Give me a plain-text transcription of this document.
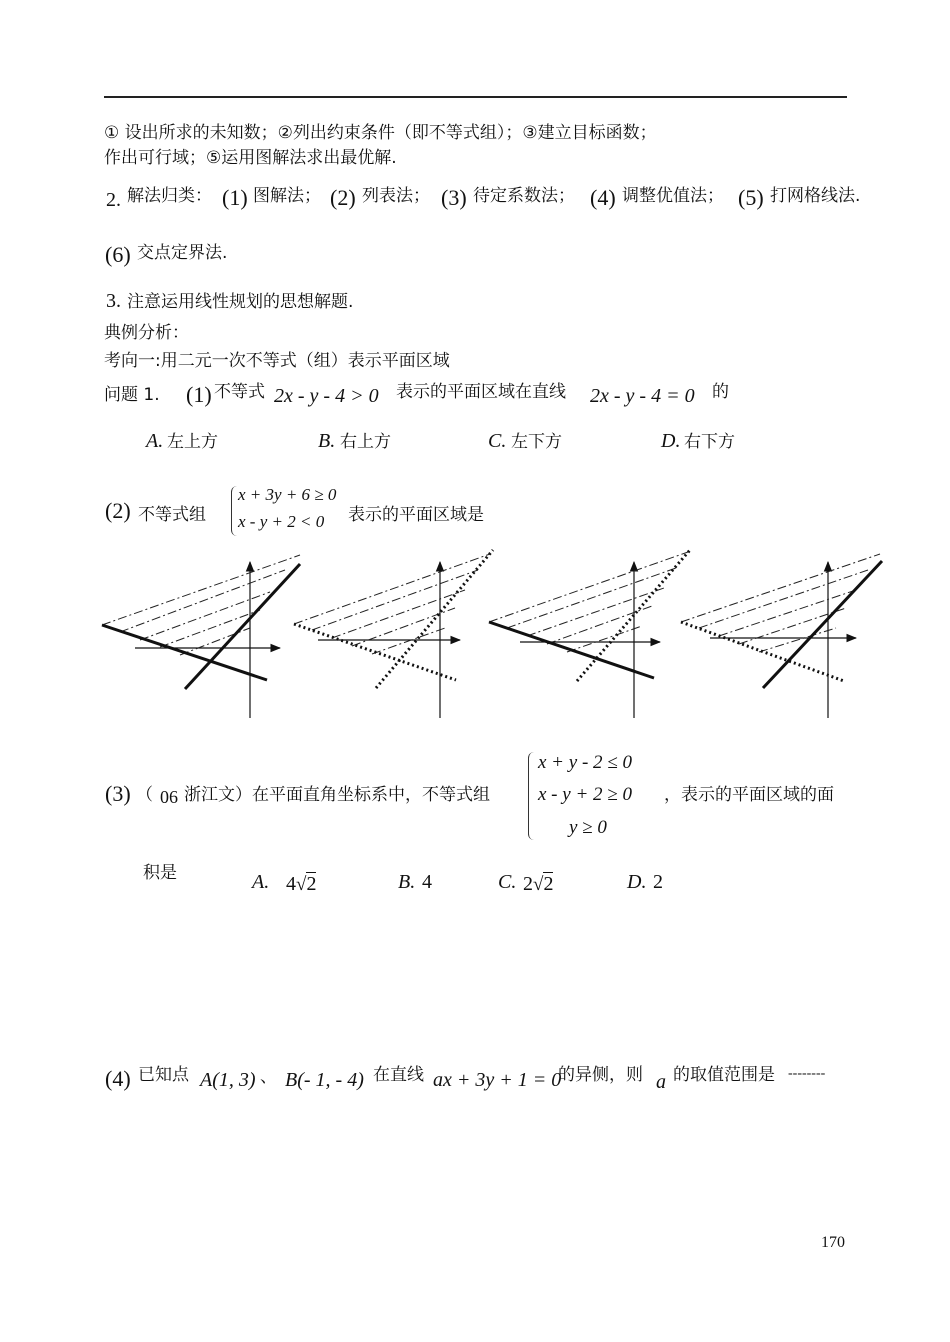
① 设出所求的未知数；②列出约束条件（即不等式组）；③建立目标函数；
作出可行域；⑤运用图解法求出最优解.
2. 解法归类： (1) 图解法； (2) 列表法； (3) 待定系数法； (4) 调整优值法； (5) 打网格线法.
(6) 交点定界法.
3. 注意运用线性规划的思想解题.
典例分析：
考向一:用二元一次不等式（组）表示平面区域
问题 1. (1) 不等式 2x - y - 4 > 0 表示的平面区域在直线 2x - y - 4 = 0 的
A. 左上方	B. 右上方	C. 左下方	D. 右下方
(2) 不等式组
x + 3y + 6 ≥ 0
x - y + 2 < 0 表示的平面区域是
(3) （ 06 浙江文）在平面直角坐标系中，不等式组
x + y - 2 ≤ 0
x - y + 2 ≥ 0
y ≥ 0
，表示的平面区域的面
积是	A. 4√2	B. 4	C. 2√2	D. 2
(4) 已知点 A(1, 3) 、 B(- 1, - 4) 在直线 ax + 3y + 1 = 0
的异侧，则 a 的取值范围是 --------
170
